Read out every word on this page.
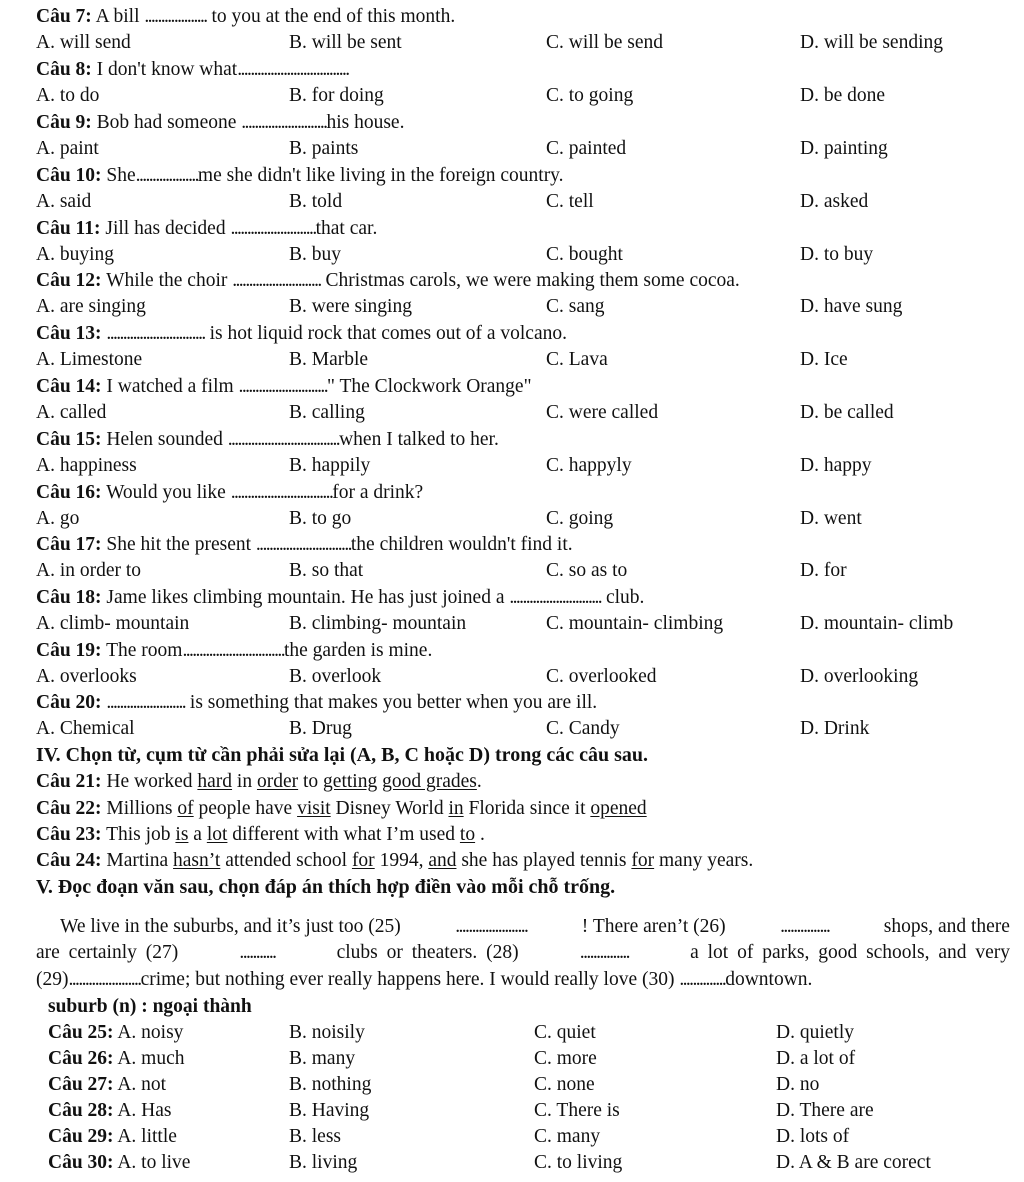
Câu 7: A bill ................... to you at the end of this month.
A. will send	B. will be sent	C. will be send	D. will be sending
Câu 8: I don't know what..................................
A. to do	B. for doing	C. to going	D. be done
Câu 9: Bob had someone ..........................his house.
A. paint	B. paints	C. painted	D. painting
Câu 10: She...................me she didn't like living in the foreign country.
A. said	B. told	C. tell	D. asked
Câu 11: Jill has decided ..........................that car.
A. buying	B. buy	C. bought	D. to buy
Câu 12: While the choir ........................... Christmas carols, we were making them some cocoa.
A. are singing	B. were singing	C. sang	D. have sung
Câu 13: .............................. is hot liquid rock that comes out of a volcano.
A. Limestone	B. Marble	C. Lava	D. Ice
Câu 14: I watched a film ..........................." The Clockwork Orange"
A. called	B. calling	C. were called	D. be called
Câu 15: Helen sounded ..................................when I talked to her.
A. happiness	B. happily	C. happyly	D. happy
Câu 16: Would you like ...............................for a drink?
A. go	B. to go	C. going	D. went
Câu 17: She hit the present .............................the children wouldn't find it.
A. in order to	B. so that	C. so as to	D. for
Câu 18: Jame likes climbing mountain. He has just joined a ............................ club.
A. climb- mountain	B. climbing- mountain	C. mountain- climbing	D. mountain- climb
Câu 19: The room...............................the garden is mine.
A. overlooks	B. overlook	C. overlooked	D. overlooking
Câu 20: ........................ is something that makes you better when you are ill.
A. Chemical	B. Drug	C. Candy	D. Drink
IV. Chọn từ, cụm từ cần phải sửa lại (A, B, C hoặc D) trong các câu sau.
Câu 21: He worked hard in order to getting good grades.
Câu 22: Millions of people have visit Disney World in Florida since it opened
Câu 23: This job is a lot different with what I’m used to .
Câu 24: Martina hasn’t attended school for 1994, and she has played tennis for many years.
V. Đọc đoạn văn sau, chọn đáp án thích hợp điền vào mỗi chỗ trống.
We live in the suburbs, and it’s just too (25)	......................	! There aren’t (26)	...............	shops, and there
are certainly (27)	...........	clubs or theaters. (28)	...............	a lot of parks, good schools, and very
(29)......................crime; but nothing ever really happens here. I would really love (30) ..............downtown.
suburb (n) : ngoại thành
Câu 25: A. noisy	B. noisily	C. quiet	D. quietly
Câu 26: A. much	B. many	C. more	D. a lot of
Câu 27: A. not	B. nothing	C. none	D. no
Câu 28: A. Has	B. Having	C. There is	D. There are
Câu 29: A. little	B. less	C. many	D. lots of
Câu 30: A. to live	B. living	C. to living	D. A & B are corect
